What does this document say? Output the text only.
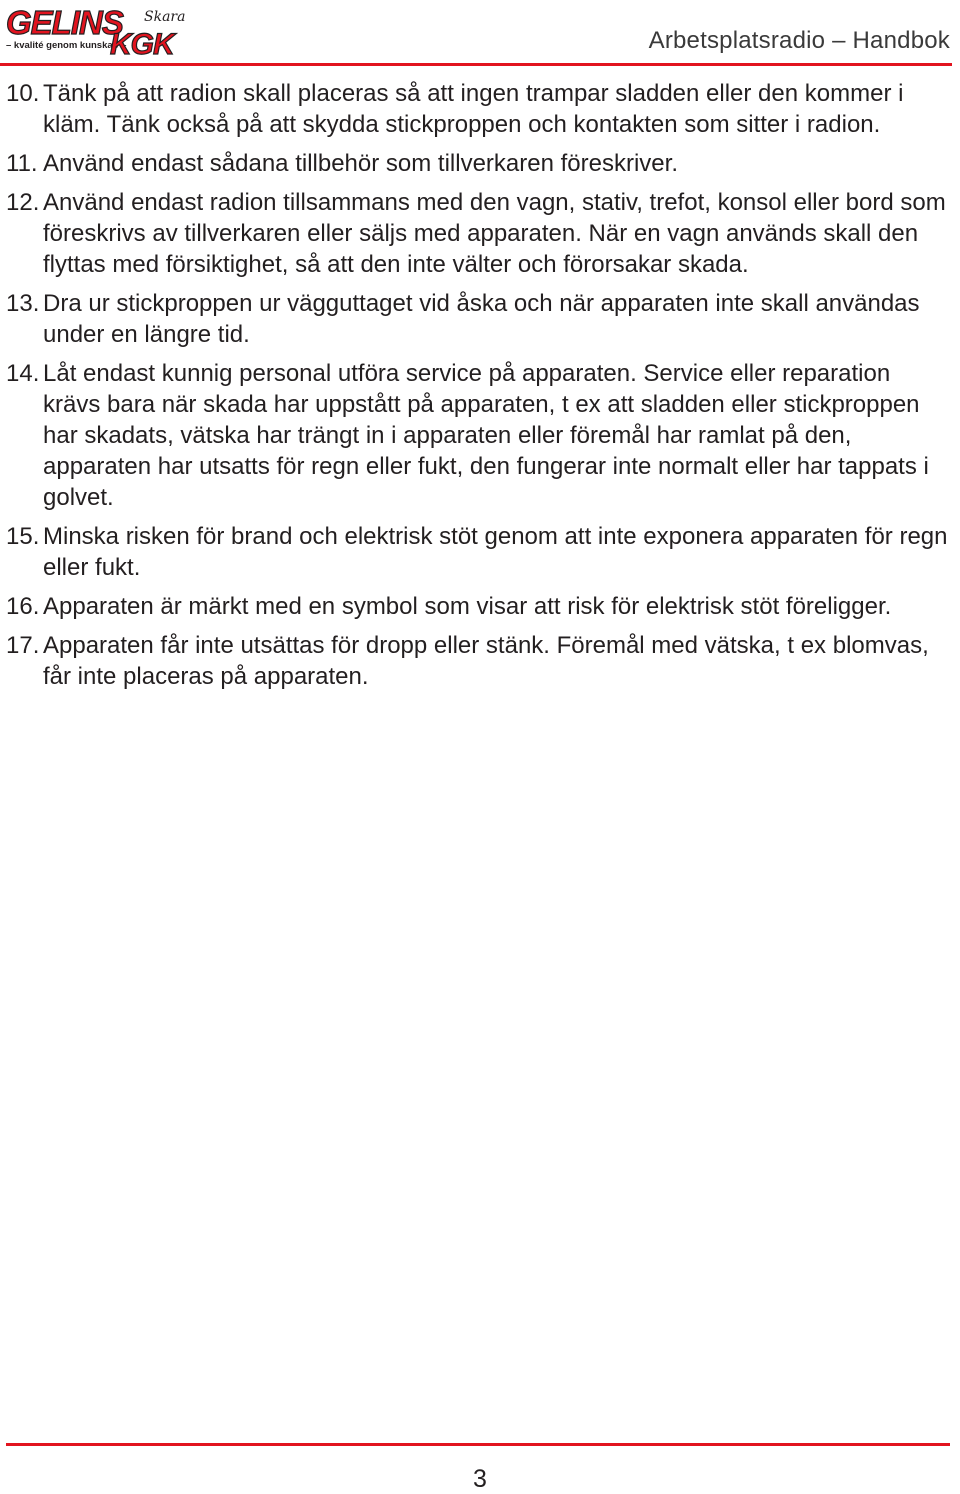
GELINS Skara
– kvalité genom kunskap –
KGK	Arbetsplatsradio – Handbok
10. Tänk på att radion skall placeras så att ingen trampar sladden eller den kommer i kläm. Tänk också på att skydda stickproppen och kontakten som sitter i radion.
11. Använd endast sådana tillbehör som tillverkaren föreskriver.
12. Använd endast radion tillsammans med den vagn, stativ, trefot, konsol eller bord som föreskrivs av tillverkaren eller säljs med apparaten. När en vagn används skall den flyttas med försiktighet, så att den inte välter och förorsakar skada.
13. Dra ur stickproppen ur vägguttaget vid åska och när apparaten inte skall användas under en längre tid.
14. Låt endast kunnig personal utföra service på apparaten. Service eller reparation krävs bara när skada har uppstått på apparaten, t ex att sladden eller stickproppen har skadats, vätska har trängt in i apparaten eller föremål har ramlat på den, apparaten har utsatts för regn eller fukt, den fungerar inte normalt eller har tappats i golvet.
15. Minska risken för brand och elektrisk stöt genom att inte exponera apparaten för regn eller fukt.
16. Apparaten är märkt med en symbol som visar att risk för elektrisk stöt föreligger.
17. Apparaten får inte utsättas för dropp eller stänk. Föremål med vätska, t ex blomvas, får inte placeras på apparaten.
3
